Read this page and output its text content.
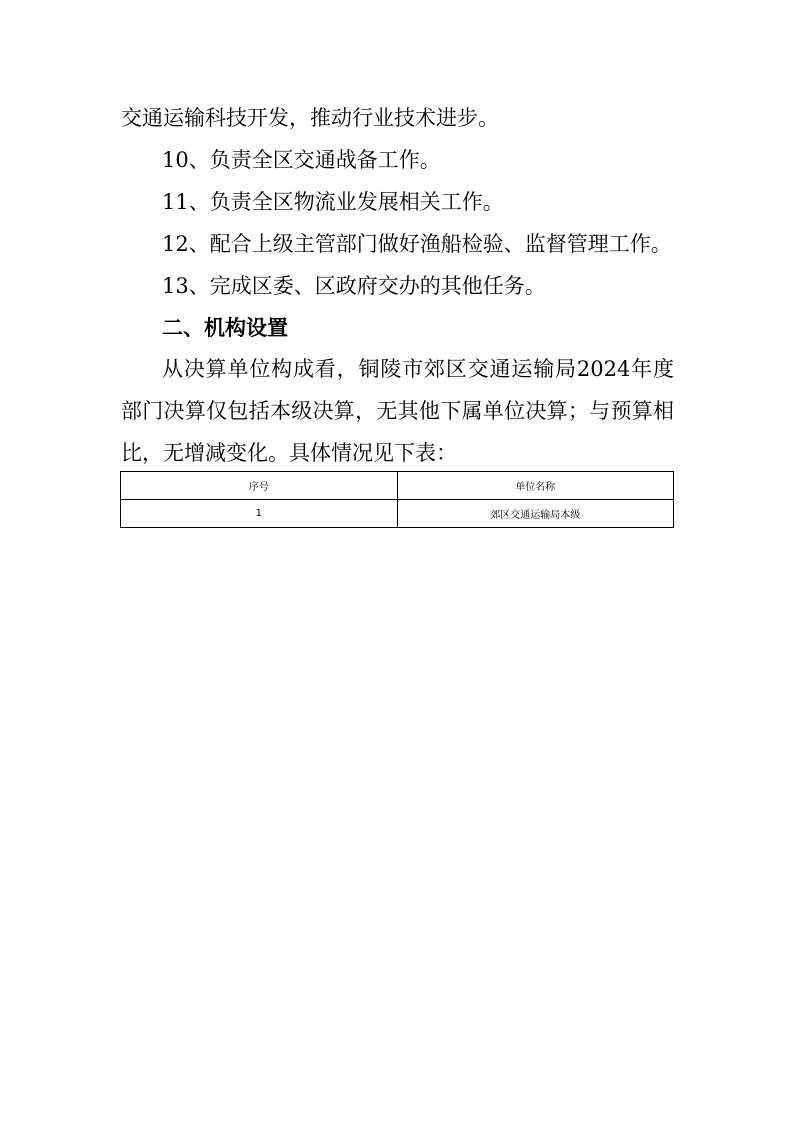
交通运输科技开发，推动行业技术进步。
10、负责全区交通战备工作。
11、负责全区物流业发展相关工作。
12、配合上级主管部门做好渔船检验、监督管理工作。
13、完成区委、区政府交办的其他任务。
二、机构设置
从决算单位构成看，铜陵市郊区交通运输局2024年度
部门决算仅包括本级决算，无其他下属单位决算；与预算相
比，无增减变化。具体情况见下表：
序号	单位名称
1	郊区交通运输局本级
